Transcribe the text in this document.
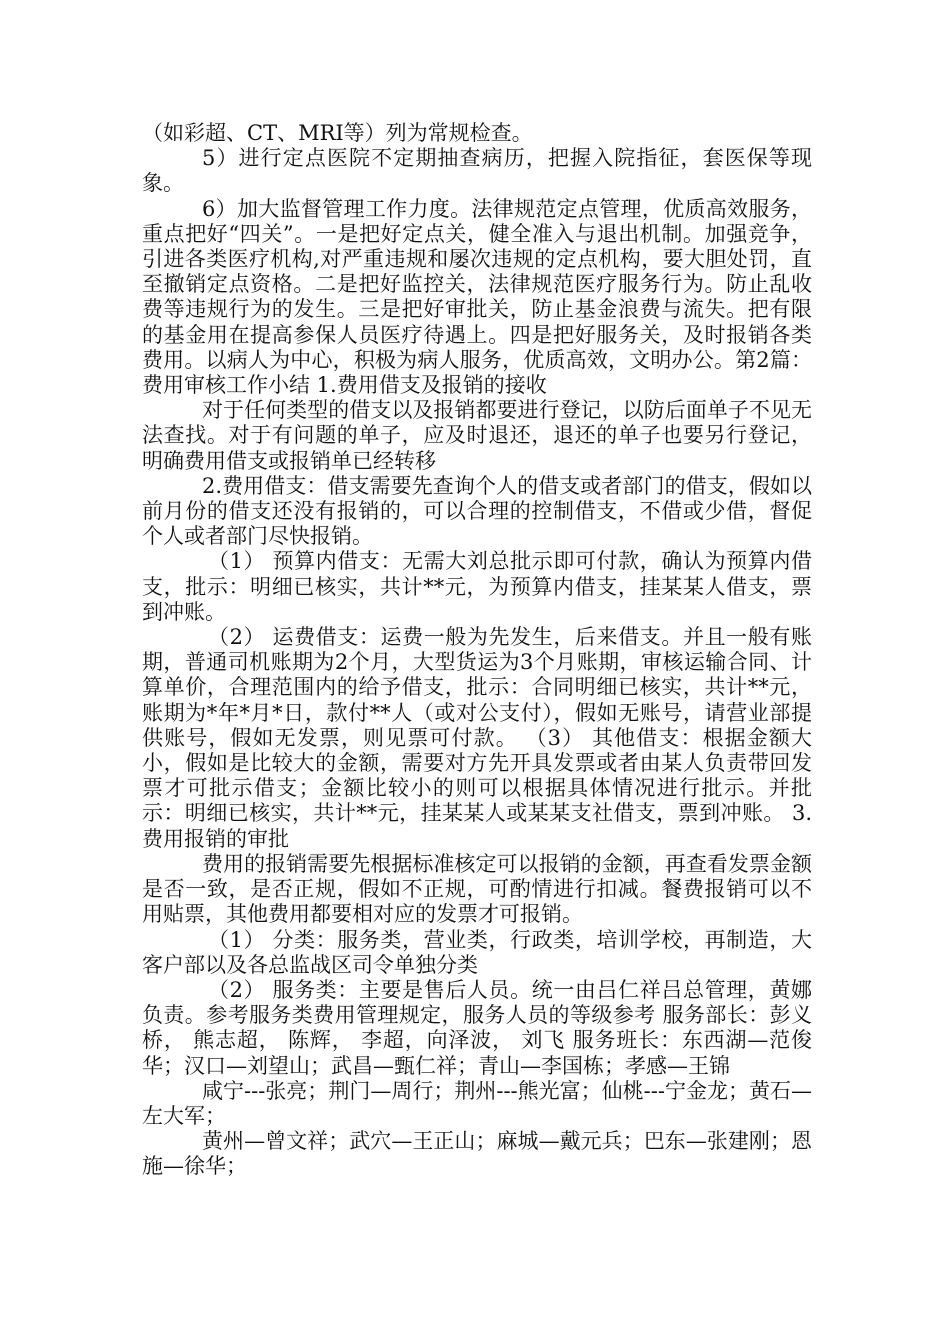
（如彩超、CT、MRI等）列为常规检查。

5）进行定点医院不定期抽查病历，把握入院指征，套医保等现象。

6）加大监督管理工作力度。法律规范定点管理，优质高效服务，重点把好“四关”。一是把好定点关，健全准入与退出机制。加强竞争，引进各类医疗机构,对严重违规和屡次违规的定点机构，要大胆处罚，直至撤销定点资格。二是把好监控关，法律规范医疗服务行为。防止乱收费等违规行为的发生。三是把好审批关，防止基金浪费与流失。把有限的基金用在提高参保人员医疗待遇上。四是把好服务关，及时报销各类费用。以病人为中心，积极为病人服务，优质高效，文明办公。第2篇：费用审核工作小结 1.费用借支及报销的接收

对于任何类型的借支以及报销都要进行登记，以防后面单子不见无法查找。对于有问题的单子，应及时退还，退还的单子也要另行登记，明确费用借支或报销单已经转移

2.费用借支：借支需要先查询个人的借支或者部门的借支，假如以前月份的借支还没有报销的，可以合理的控制借支，不借或少借，督促个人或者部门尽快报销。

（1） 预算内借支：无需大刘总批示即可付款，确认为预算内借支，批示：明细已核实，共计**元，为预算内借支，挂某某人借支，票到冲账。

（2） 运费借支：运费一般为先发生，后来借支。并且一般有账期，普通司机账期为2个月，大型货运为3个月账期，审核运输合同、计算单价，合理范围内的给予借支，批示：合同明细已核实，共计**元，账期为*年*月*日，款付**人（或对公支付），假如无账号，请营业部提供账号，假如无发票，则见票可付款。 （3） 其他借支：根据金额大小，假如是比较大的金额，需要对方先开具发票或者由某人负责带回发票才可批示借支；金额比较小的则可以根据具体情况进行批示。并批示：明细已核实，共计**元，挂某某人或某某支社借支，票到冲账。 3.费用报销的审批

费用的报销需要先根据标准核定可以报销的金额，再查看发票金额是否一致，是否正规，假如不正规，可酌情进行扣减。餐费报销可以不用贴票，其他费用都要相对应的发票才可报销。

（1） 分类：服务类，营业类，行政类，培训学校，再制造，大客户部以及各总监战区司令单独分类

（2） 服务类：主要是售后人员。统一由吕仁祥吕总管理，黄娜负责。参考服务类费用管理规定，服务人员的等级参考 服务部长：彭义桥， 熊志超， 陈辉， 李超，向泽波， 刘飞 服务班长：东西湖—范俊华；汉口—刘望山；武昌—甄仁祥；青山—李国栋；孝感—王锦

咸宁---张亮；荆门—周行；荆州---熊光富；仙桃---宁金龙；黄石—左大军；

黄州—曾文祥；武穴—王正山；麻城—戴元兵；巴东—张建刚；恩施—徐华；
